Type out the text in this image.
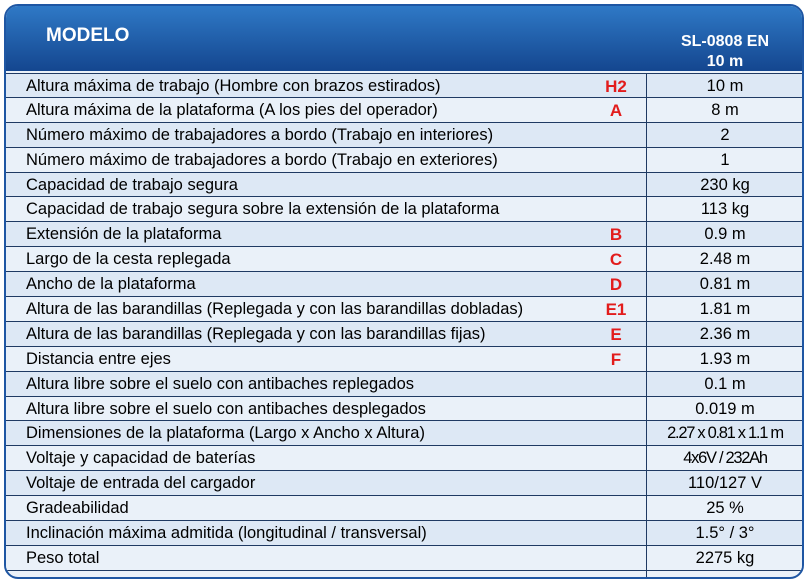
MODELO	SL-0808 EN
10 m
Altura máxima de trabajo (Hombre con brazos estirados)	H2	10 m
Altura máxima de la plataforma (A los pies del operador)	A	8 m
Número máximo de trabajadores a bordo (Trabajo en interiores)	2
Número máximo de trabajadores a bordo (Trabajo en exteriores)	1
Capacidad de trabajo segura	230 kg
Capacidad de trabajo segura sobre la extensión de la plataforma	113 kg
Extensión de la plataforma	B	0.9 m
Largo de la cesta replegada	C	2.48 m
Ancho de la plataforma	D	0.81 m
Altura de las barandillas (Replegada y con las barandillas dobladas)	E1	1.81 m
Altura de las barandillas (Replegada y con las barandillas fijas)	E	2.36 m
Distancia entre ejes	F	1.93 m
Altura libre sobre el suelo con antibaches replegados	0.1 m
Altura libre sobre el suelo con antibaches desplegados	0.019 m
Dimensiones de la plataforma (Largo x Ancho x Altura)	2.27 x 0.81 x 1.1 m
Voltaje y capacidad de baterías	4x6V / 232Ah
Voltaje de entrada del cargador	110/127 V
Gradeabilidad	25 %
Inclinación máxima admitida (longitudinal / transversal)	1.5° / 3°
Peso total	2275 kg
